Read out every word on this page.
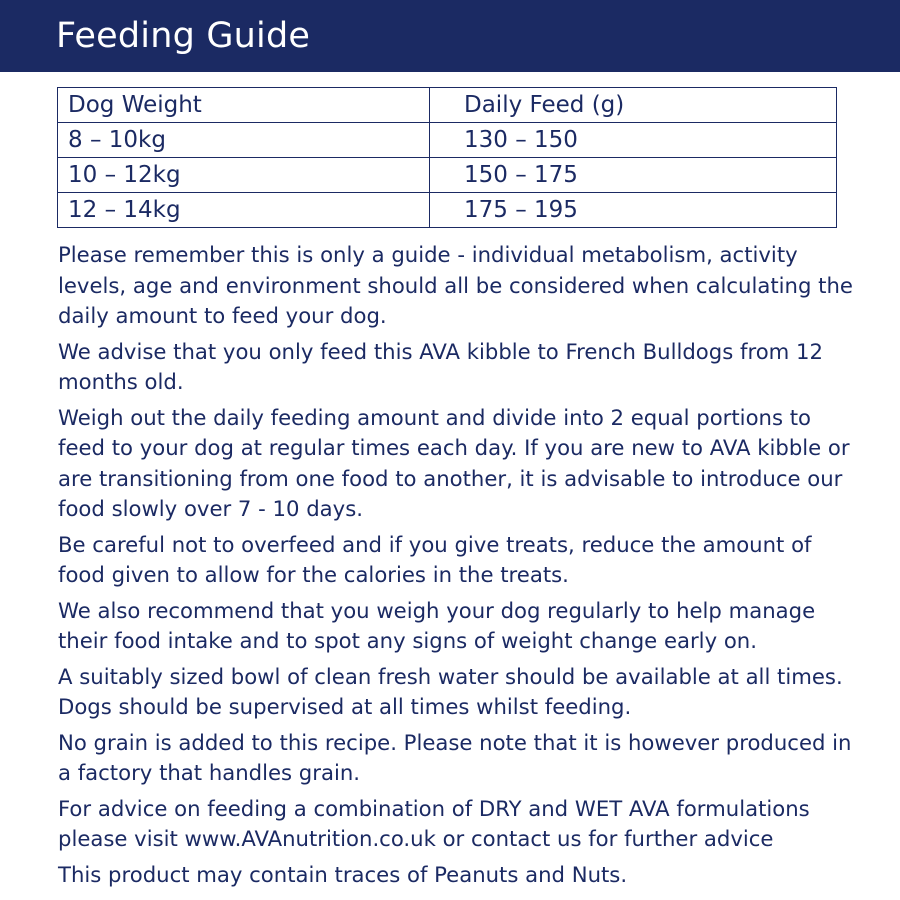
Feeding Guide
Dog Weight	Daily Feed (g)
8 – 10kg	130 – 150
10 – 12kg	150 – 175
12 – 14kg	175 – 195

Please remember this is only a guide - individual metabolism, activity levels, age and environment should all be considered when calculating the daily amount to feed your dog.

We advise that you only feed this AVA kibble to French Bulldogs from 12 months old.

Weigh out the daily feeding amount and divide into 2 equal portions to feed to your dog at regular times each day. If you are new to AVA kibble or are transitioning from one food to another, it is advisable to introduce our food slowly over 7 - 10 days.

Be careful not to overfeed and if you give treats, reduce the amount of food given to allow for the calories in the treats.

We also recommend that you weigh your dog regularly to help manage their food intake and to spot any signs of weight change early on.

A suitably sized bowl of clean fresh water should be available at all times. Dogs should be supervised at all times whilst feeding.

No grain is added to this recipe. Please note that it is however produced in a factory that handles grain.

For advice on feeding a combination of DRY and WET AVA formulations please visit www.AVAnutrition.co.uk or contact us for further advice

This product may contain traces of Peanuts and Nuts.
